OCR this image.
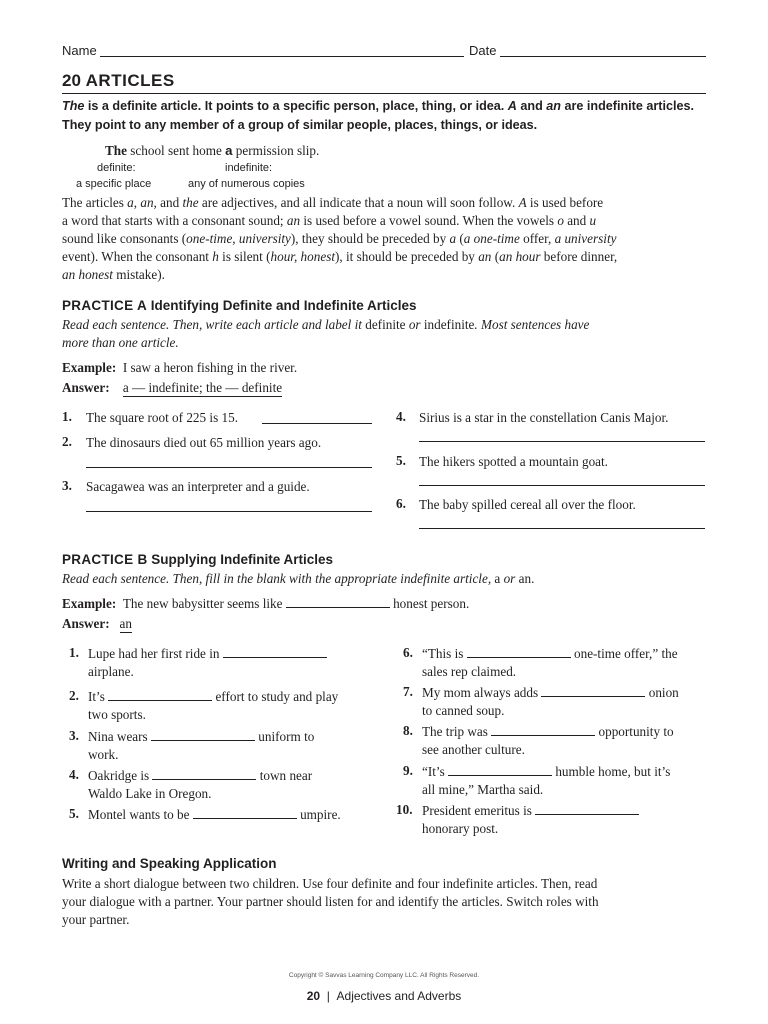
Name	Date
20 ARTICLES
The is a definite article. It points to a specific person, place, thing, or idea. A and an are indefinite articles. They point to any member of a group of similar people, places, things, or ideas.
The school sent home a permission slip.
definite:	indefinite:
a specific place	any of numerous copies
The articles a, an, and the are adjectives, and all indicate that a noun will soon follow. A is used before
a word that starts with a consonant sound; an is used before a vowel sound. When the vowels o and u
sound like consonants (one-time, university), they should be preceded by a (a one-time offer, a university
event). When the consonant h is silent (hour, honest), it should be preceded by an (an hour before dinner,
an honest mistake).
PRACTICE A Identifying Definite and Indefinite Articles
Read each sentence. Then, write each article and label it definite or indefinite. Most sentences have
more than one article.
Example: I saw a heron fishing in the river.
Answer: a — indefinite; the — definite
1. The square root of 225 is 15.
2. The dinosaurs died out 65 million years ago.
3. Sacagawea was an interpreter and a guide.
4. Sirius is a star in the constellation Canis Major.
5. The hikers spotted a mountain goat.
6. The baby spilled cereal all over the floor.
PRACTICE B Supplying Indefinite Articles
Read each sentence. Then, fill in the blank with the appropriate indefinite article, a or an.
Example: The new babysitter seems like	honest person.
Answer: an
1. Lupe had her first ride in
airplane.
2. It’s	effort to study and play
two sports.
3. Nina wears	uniform to
work.
4. Oakridge is	town near
Waldo Lake in Oregon.
5. Montel wants to be	umpire.
6. “This is	one-time offer,” the
sales rep claimed.
7. My mom always adds	onion
to canned soup.
8. The trip was	opportunity to
see another culture.
9. “It’s	humble home, but it’s
all mine,” Martha said.
10. President emeritus is
honorary post.
Writing and Speaking Application
Write a short dialogue between two children. Use four definite and four indefinite articles. Then, read
your dialogue with a partner. Your partner should listen for and identify the articles. Switch roles with
your partner.
Copyright © Savvas Learning Company LLC. All Rights Reserved.
20 | Adjectives and Adverbs
